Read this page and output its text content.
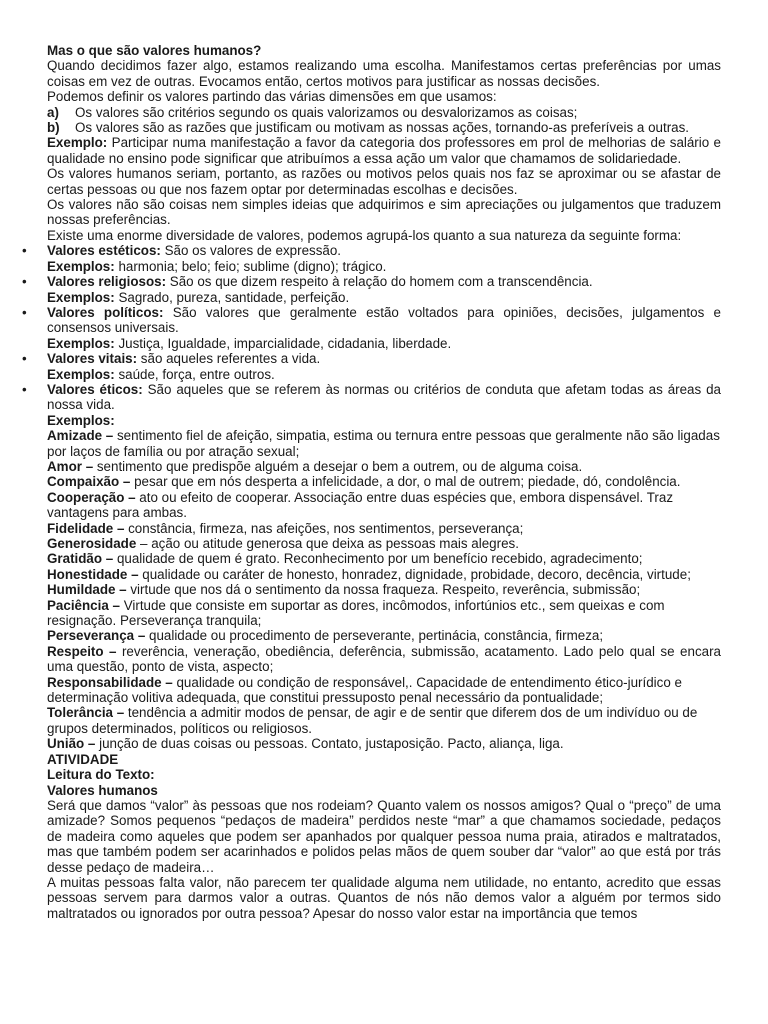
Mas o que são valores humanos?

Quando decidimos fazer algo, estamos realizando uma escolha. Manifestamos certas preferências por umas coisas em vez de outras. Evocamos então, certos motivos para justificar as nossas decisões.

Podemos definir os valores partindo das várias dimensões em que usamos:

a) Os valores são critérios segundo os quais valorizamos ou desvalorizamos as coisas;

b) Os valores são as razões que justificam ou motivam as nossas ações, tornando-as preferíveis a outras.

Exemplo: Participar numa manifestação a favor da categoria dos professores em prol de melhorias de salário e qualidade no ensino pode significar que atribuímos a essa ação um valor que chamamos de solidariedade.

Os valores humanos seriam, portanto, as razões ou motivos pelos quais nos faz se aproximar ou se afastar de certas pessoas ou que nos fazem optar por determinadas escolhas e decisões.

Os valores não são coisas nem simples ideias que adquirimos e sim apreciações ou julgamentos que traduzem nossas preferências.

Existe uma enorme diversidade de valores, podemos agrupá-los quanto a sua natureza da seguinte forma:

• Valores estéticos: São os valores de expressão.

Exemplos: harmonia; belo; feio; sublime (digno); trágico.

• Valores religiosos: São os que dizem respeito à relação do homem com a transcendência.

Exemplos: Sagrado, pureza, santidade, perfeição.

• Valores políticos: São valores que geralmente estão voltados para opiniões, decisões, julgamentos e consensos universais.

Exemplos: Justiça, Igualdade, imparcialidade, cidadania, liberdade.

• Valores vitais: são aqueles referentes a vida.

Exemplos: saúde, força, entre outros.

• Valores éticos: São aqueles que se referem às normas ou critérios de conduta que afetam todas as áreas da nossa vida.

Exemplos:

Amizade – sentimento fiel de afeição, simpatia, estima ou ternura entre pessoas que geralmente não são ligadas por laços de família ou por atração sexual;

Amor – sentimento que predispõe alguém a desejar o bem a outrem, ou de alguma coisa.

Compaixão – pesar que em nós desperta a infelicidade, a dor, o mal de outrem; piedade, dó, condolência.

Cooperação – ato ou efeito de cooperar. Associação entre duas espécies que, embora dispensável. Traz vantagens para ambas.

Fidelidade – constância, firmeza, nas afeições, nos sentimentos, perseverança;

Generosidade – ação ou atitude generosa que deixa as pessoas mais alegres.

Gratidão – qualidade de quem é grato. Reconhecimento por um benefício recebido, agradecimento;

Honestidade – qualidade ou caráter de honesto, honradez, dignidade, probidade, decoro, decência, virtude;

Humildade – virtude que nos dá o sentimento da nossa fraqueza. Respeito, reverência, submissão;

Paciência – Virtude que consiste em suportar as dores, incômodos, infortúnios etc., sem queixas e com resignação. Perseverança tranquila;

Perseverança – qualidade ou procedimento de perseverante, pertinácia, constância, firmeza;

Respeito – reverência, veneração, obediência, deferência, submissão, acatamento. Lado pelo qual se encara uma questão, ponto de vista, aspecto;

Responsabilidade – qualidade ou condição de responsável,. Capacidade de entendimento ético-jurídico e determinação volitiva adequada, que constitui pressuposto penal necessário da pontualidade;

Tolerância – tendência a admitir modos de pensar, de agir e de sentir que diferem dos de um indivíduo ou de grupos determinados, políticos ou religiosos.

União – junção de duas coisas ou pessoas. Contato, justaposição. Pacto, aliança, liga.

ATIVIDADE

Leitura do Texto:

Valores humanos

Será que damos “valor” às pessoas que nos rodeiam? Quanto valem os nossos amigos? Qual o “preço” de uma amizade? Somos pequenos “pedaços de madeira” perdidos neste “mar” a que chamamos sociedade, pedaços de madeira como aqueles que podem ser apanhados por qualquer pessoa numa praia, atirados e maltratados, mas que também podem ser acarinhados e polidos pelas mãos de quem souber dar “valor” ao que está por trás desse pedaço de madeira…

A muitas pessoas falta valor, não parecem ter qualidade alguma nem utilidade, no entanto, acredito que essas pessoas servem para darmos valor a outras. Quantos de nós não demos valor a alguém por termos sido maltratados ou ignorados por outra pessoa? Apesar do nosso valor estar na importância que temos
